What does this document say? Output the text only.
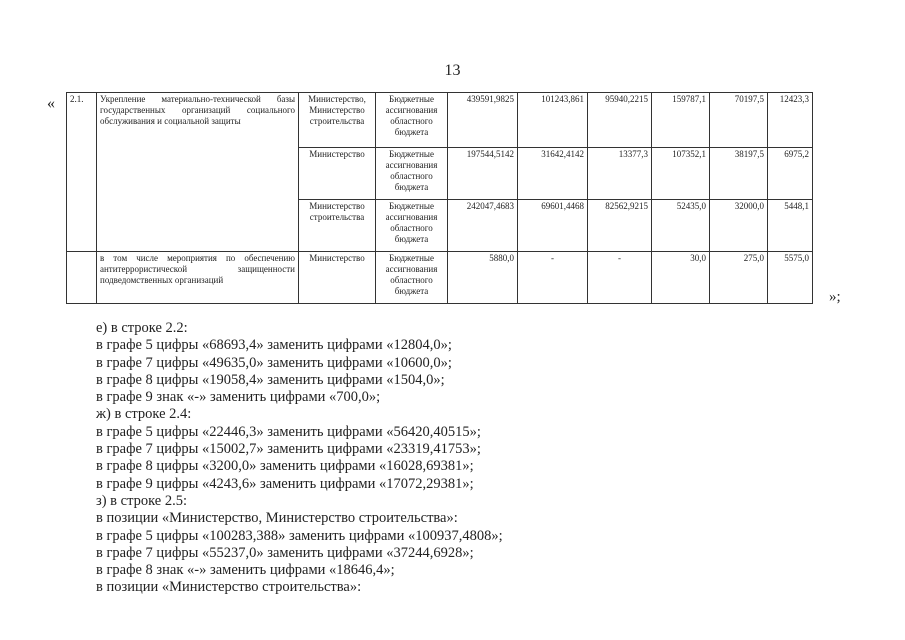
13
« 2.1.	Укрепление материально-технической базы государственных организаций социального обслуживания и социальной защиты	Министерство, Министерство строительства	Бюджетные ассигнования областного бюджета	439591,9825	101243,861	95940,2215	159787,1	70197,5	12423,3
		Министерство	Бюджетные ассигнования областного бюджета	197544,5142	31642,4142	13377,3	107352,1	38197,5	6975,2
		Министерство строительства	Бюджетные ассигнования областного бюджета	242047,4683	69601,4468	82562,9215	52435,0	32000,0	5448,1
	в том числе мероприятия по обеспечению антитеррористической защищенности подведомственных организаций	Министерство	Бюджетные ассигнования областного бюджета	5880,0	-	-	30,0	275,0	5575,0
»;
е) в строке 2.2:
в графе 5 цифры «68693,4» заменить цифрами «12804,0»;
в графе 7 цифры «49635,0» заменить цифрами «10600,0»;
в графе 8 цифры «19058,4» заменить цифрами «1504,0»;
в графе 9 знак «-» заменить цифрами «700,0»;
ж) в строке 2.4:
в графе 5 цифры «22446,3» заменить цифрами «56420,40515»;
в графе 7 цифры «15002,7» заменить цифрами «23319,41753»;
в графе 8 цифры «3200,0» заменить цифрами «16028,69381»;
в графе 9 цифры «4243,6» заменить цифрами «17072,29381»;
з) в строке 2.5:
в позиции «Министерство, Министерство строительства»:
в графе 5 цифры «100283,388» заменить цифрами «100937,4808»;
в графе 7 цифры «55237,0» заменить цифрами «37244,6928»;
в графе 8 знак «-» заменить цифрами «18646,4»;
в позиции «Министерство строительства»:
